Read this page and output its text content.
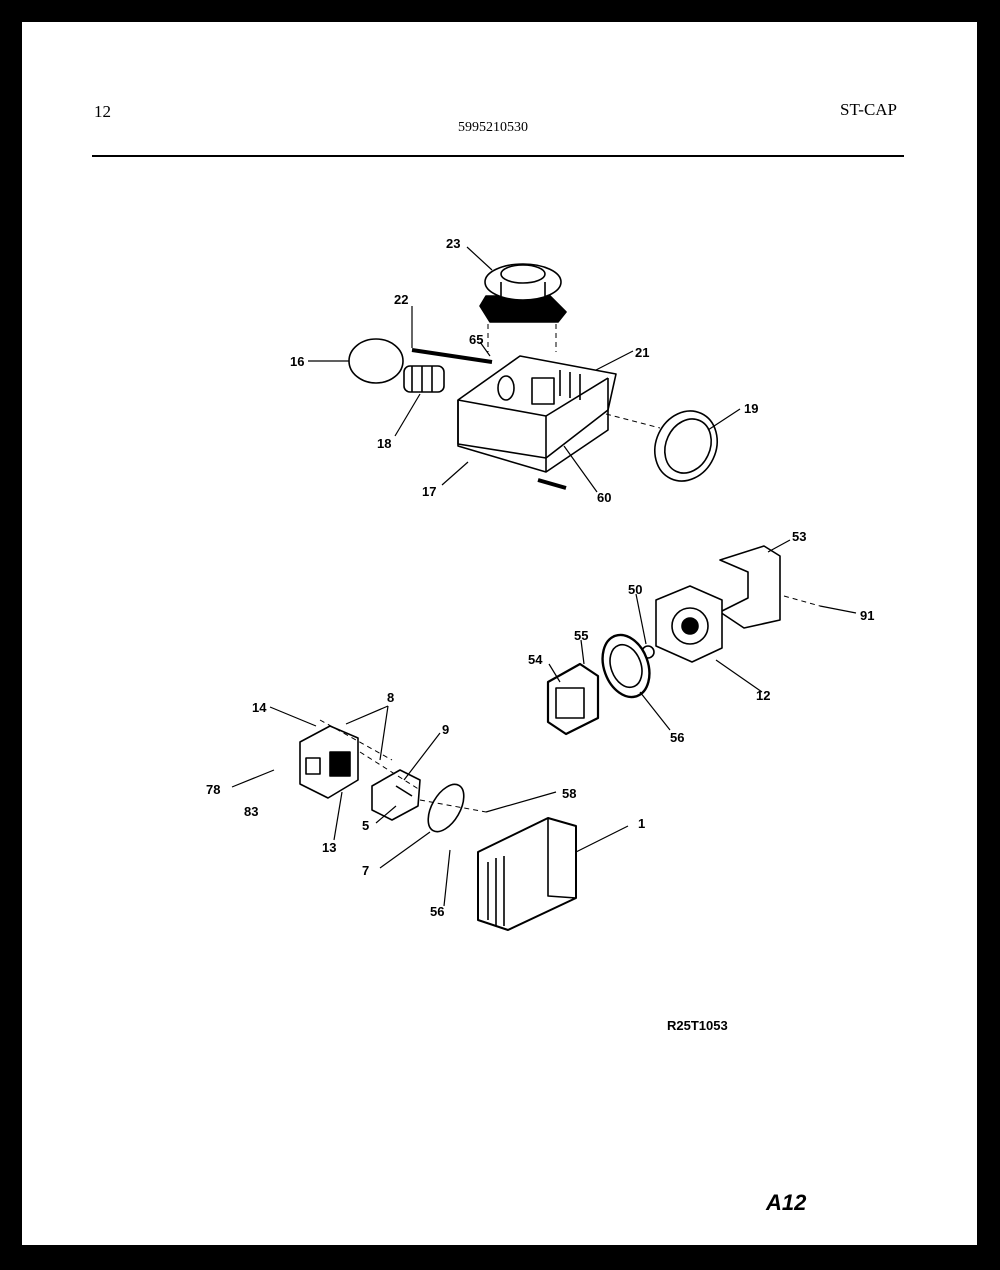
12
5995210530
ST-CAP
23
22
65
21
16
18
19
17	60
53
50
91
55
54
12
56
8
14
9
78
83
58
5
13
1
7
56
R25T1053
A12
